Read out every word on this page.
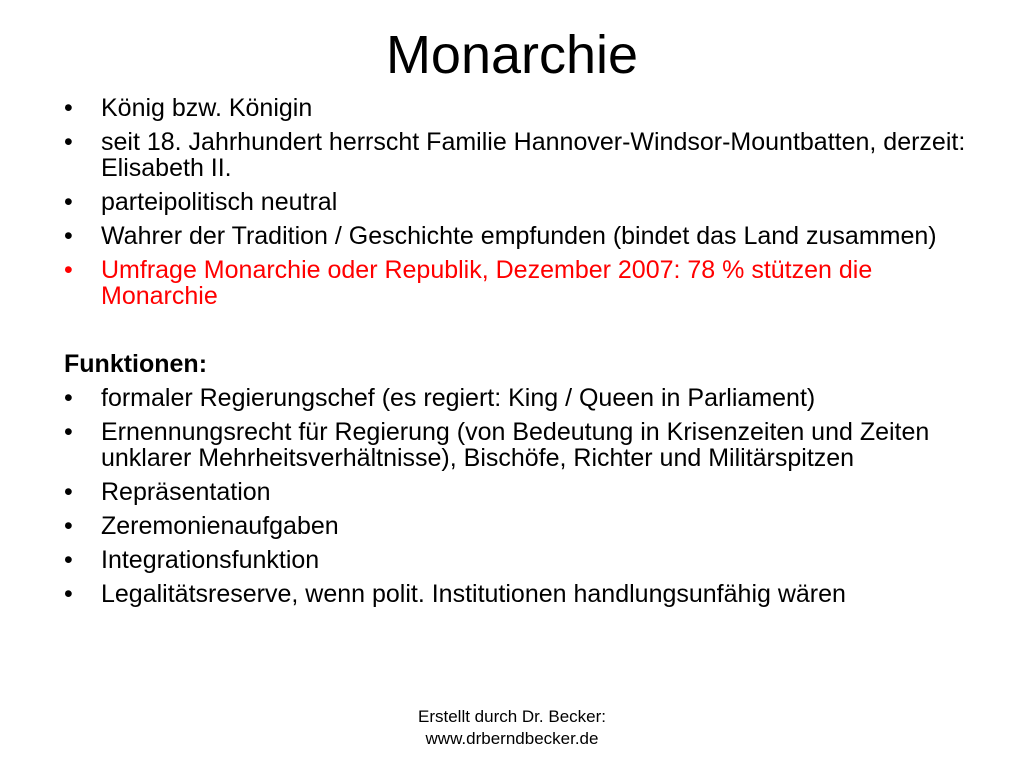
Monarchie
•	König bzw. Königin
•	seit 18. Jahrhundert herrscht Familie Hannover-Windsor-Mountbatten, derzeit: Elisabeth II.
•	parteipolitisch neutral
•	Wahrer der Tradition / Geschichte empfunden (bindet das Land zusammen)
•	Umfrage Monarchie oder Republik, Dezember 2007: 78 % stützen die Monarchie
Funktionen:
•	formaler Regierungschef (es regiert: King / Queen in Parliament)
•	Ernennungsrecht für Regierung (von Bedeutung in Krisenzeiten und Zeiten unklarer Mehrheitsverhältnisse), Bischöfe, Richter und Militärspitzen
•	Repräsentation
•	Zeremonienaufgaben
•	Integrationsfunktion
•	Legalitätsreserve, wenn polit. Institutionen handlungsunfähig wären
Erstellt durch Dr. Becker:
www.drberndbecker.de
